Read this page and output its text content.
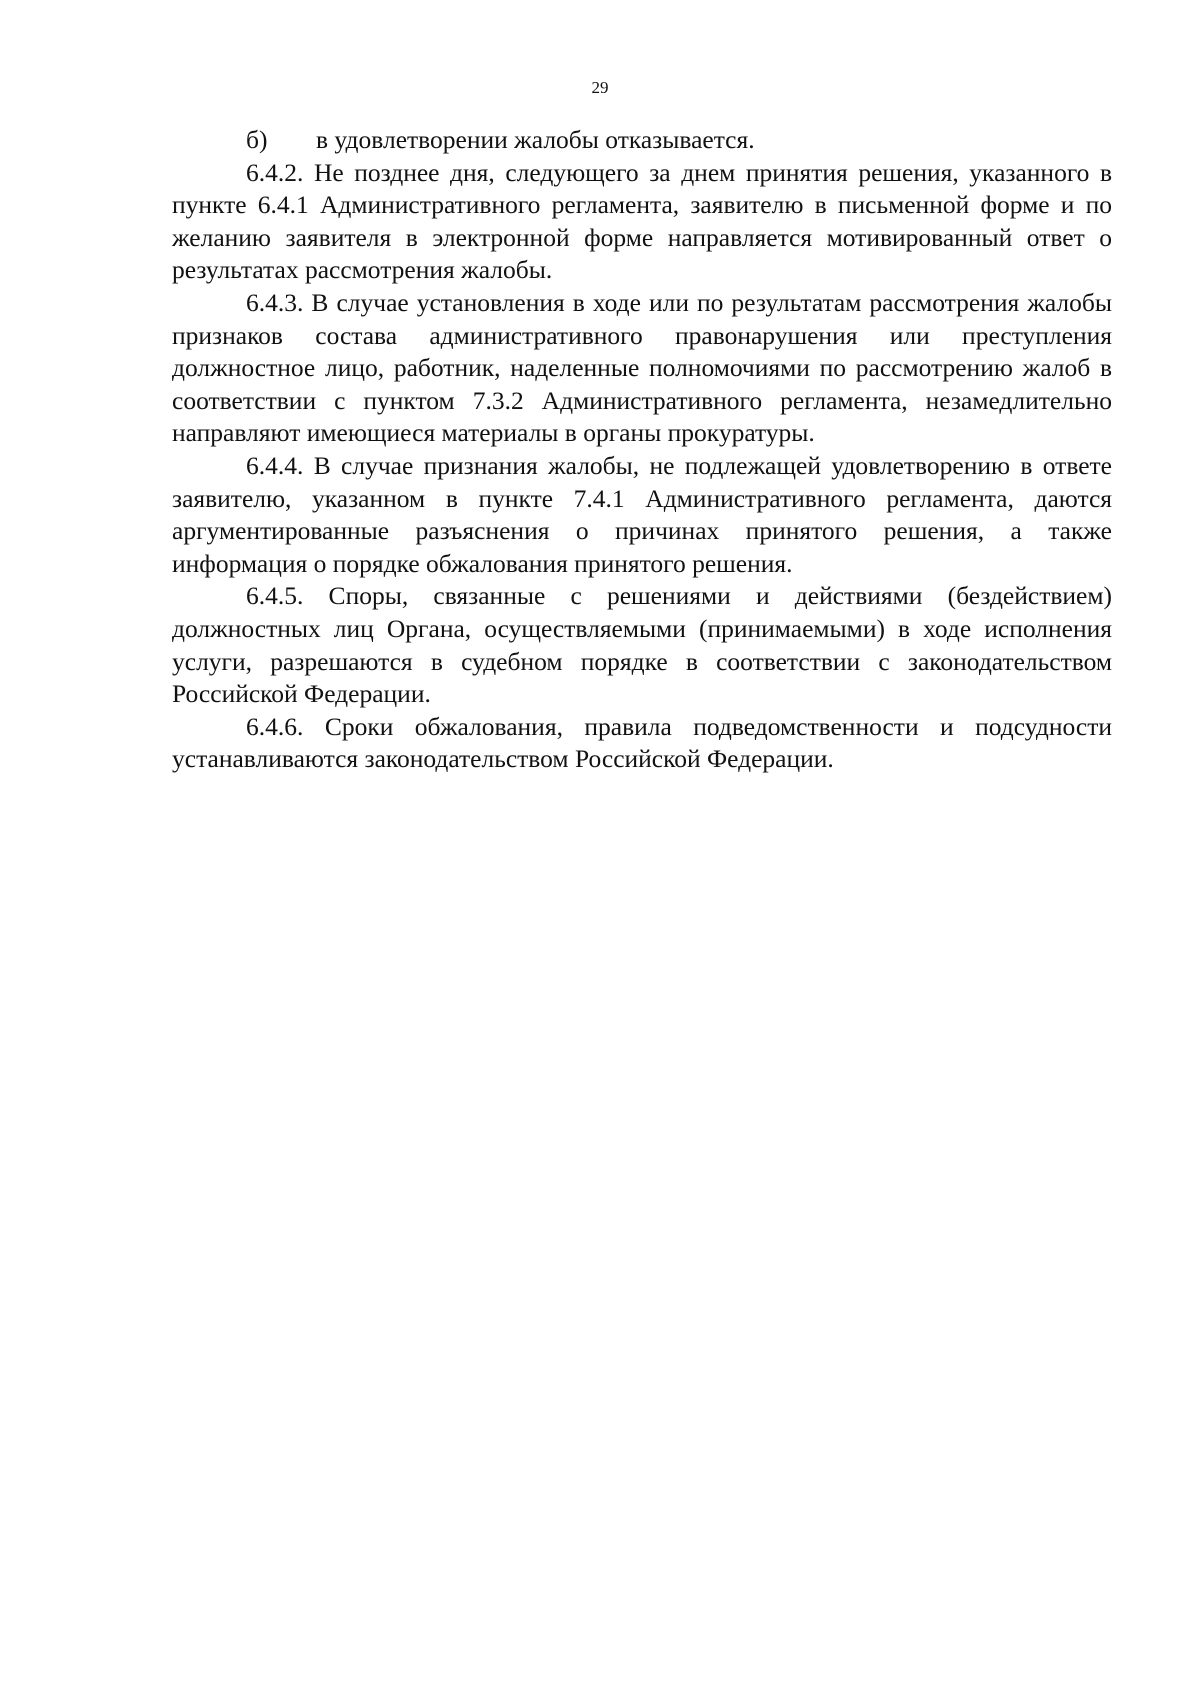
29
б)	в удовлетворении жалобы отказывается.

6.4.2. Не позднее дня, следующего за днем принятия решения, указанного в пункте 6.4.1 Административного регламента, заявителю в письменной форме и по желанию заявителя в электронной форме направляется мотивированный ответ о результатах рассмотрения жалобы.

6.4.3. В случае установления в ходе или по результатам рассмотрения жалобы признаков состава административного правонарушения или преступления должностное лицо, работник, наделенные полномочиями по рассмотрению жалоб в соответствии с пунктом 7.3.2 Административного регламента, незамедлительно направляют имеющиеся материалы в органы прокуратуры.

6.4.4. В случае признания жалобы, не подлежащей удовлетворению в ответе заявителю, указанном в пункте 7.4.1 Административного регламента, даются аргументированные разъяснения о причинах принятого решения, а также информация о порядке обжалования принятого решения.

6.4.5. Споры, связанные с решениями и действиями (бездействием) должностных лиц Органа, осуществляемыми (принимаемыми) в ходе исполнения услуги, разрешаются в судебном порядке в соответствии с законодательством Российской Федерации.

6.4.6. Сроки обжалования, правила подведомственности и подсудности устанавливаются законодательством Российской Федерации.
